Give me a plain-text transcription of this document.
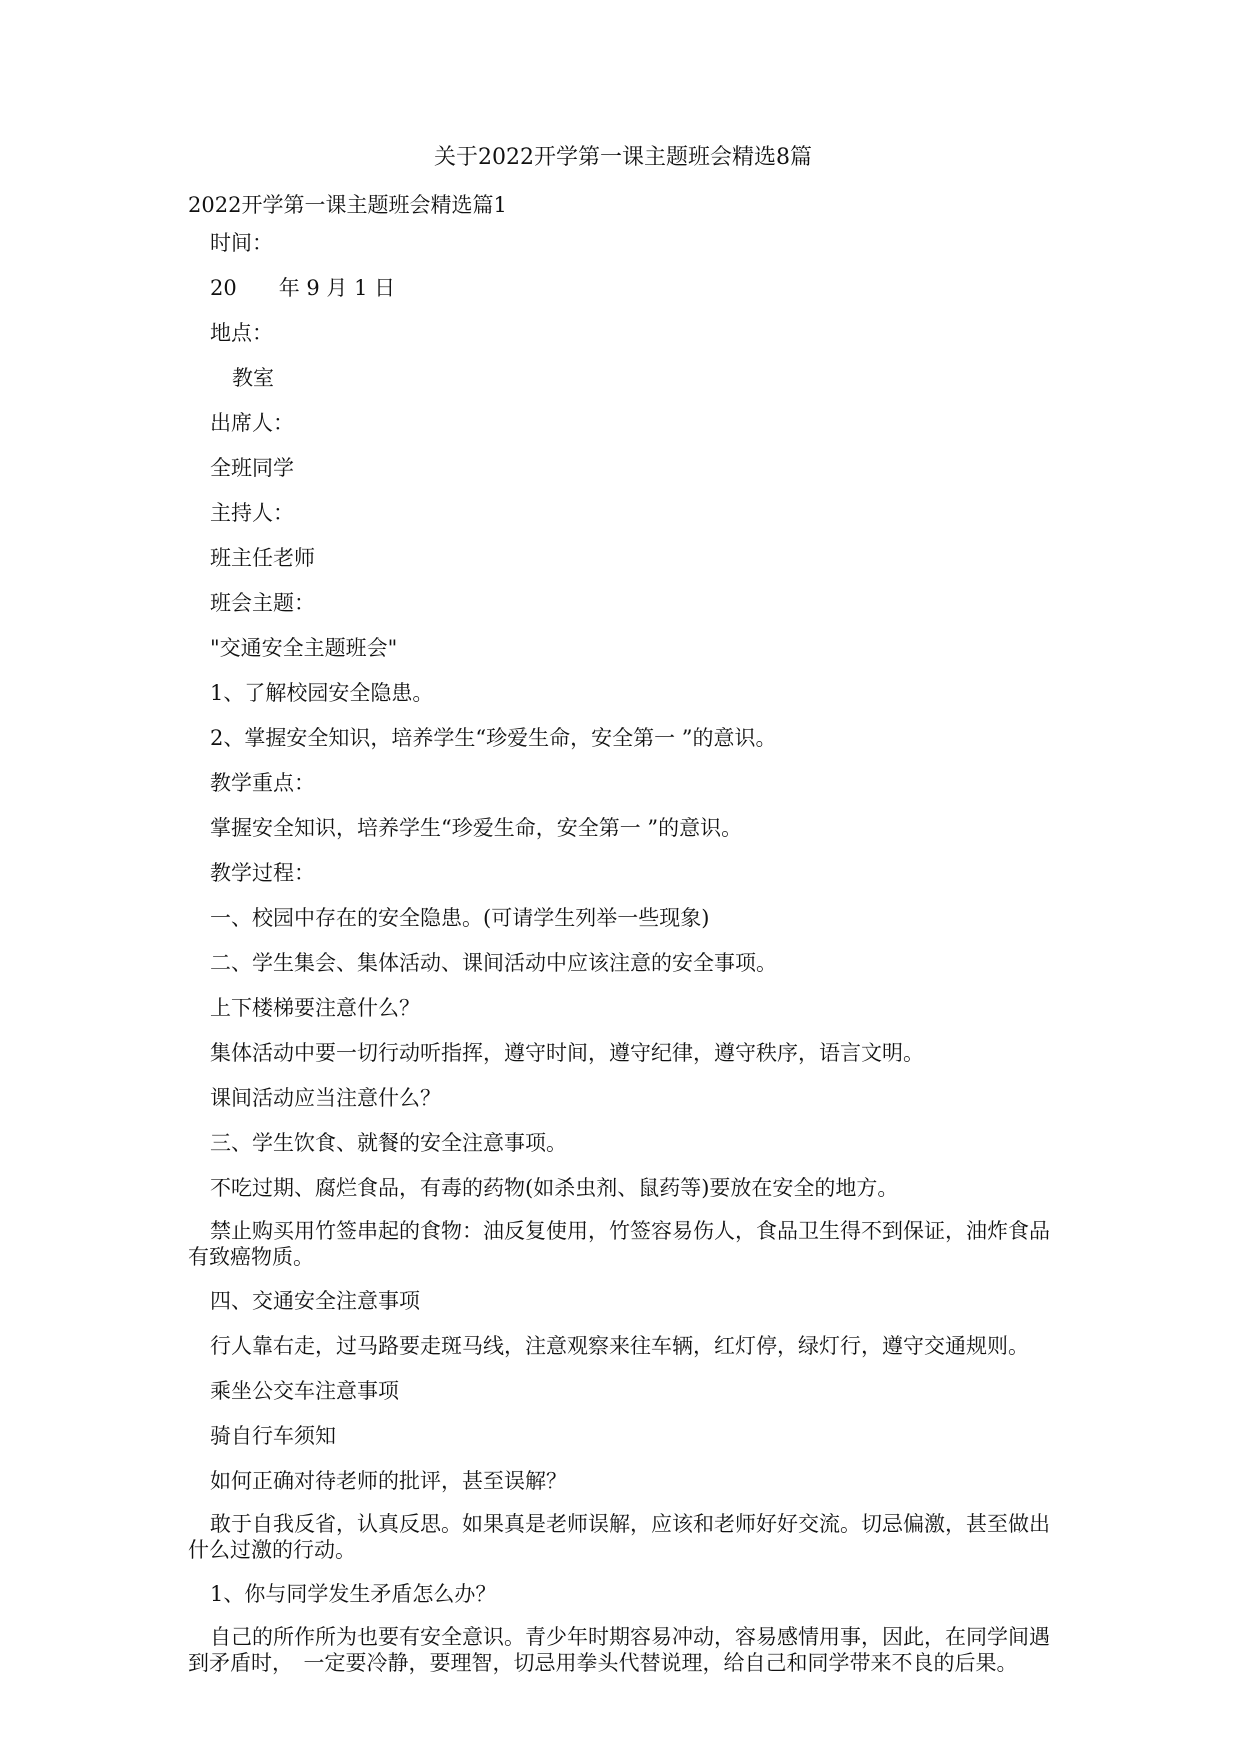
关于2022开学第一课主题班会精选8篇
2022开学第一课主题班会精选篇1

时间：

20　　年 9 月 1 日

地点：

教室

出席人：

全班同学

主持人：

班主任老师

班会主题：

"交通安全主题班会"

1、了解校园安全隐患。

2、掌握安全知识，培养学生“珍爱生命，安全第一 ”的意识。

教学重点：

掌握安全知识，培养学生“珍爱生命，安全第一 ”的意识。

教学过程：

一、校园中存在的安全隐患。(可请学生列举一些现象)

二、学生集会、集体活动、课间活动中应该注意的安全事项。

上下楼梯要注意什么？

集体活动中要一切行动听指挥，遵守时间，遵守纪律，遵守秩序，语言文明。

课间活动应当注意什么？

三、学生饮食、就餐的安全注意事项。

不吃过期、腐烂食品，有毒的药物(如杀虫剂、鼠药等)要放在安全的地方。

禁止购买用竹签串起的食物：油反复使用，竹签容易伤人，食品卫生得不到保证，油炸食品有致癌物质。

四、交通安全注意事项

行人靠右走，过马路要走斑马线，注意观察来往车辆，红灯停，绿灯行，遵守交通规则。

乘坐公交车注意事项

骑自行车须知

如何正确对待老师的批评，甚至误解？

敢于自我反省，认真反思。如果真是老师误解，应该和老师好好交流。切忌偏激，甚至做出什么过激的行动。

1、你与同学发生矛盾怎么办？

自己的所作所为也要有安全意识。青少年时期容易冲动，容易感情用事，因此，在同学间遇到矛盾时，　一定要冷静，要理智，切忌用拳头代替说理，给自己和同学带来不良的后果。
